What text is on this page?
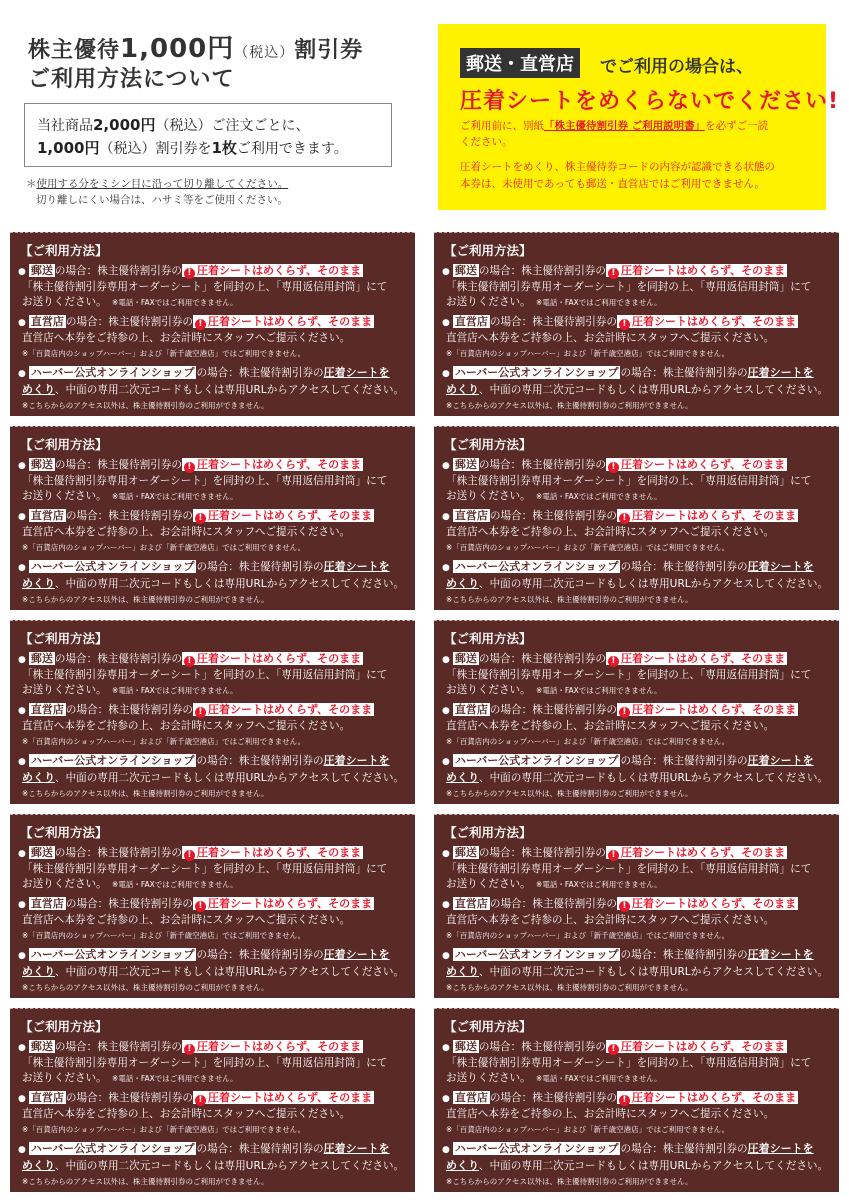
株主優待1,000円（税込）割引券
ご利用方法について
当社商品2,000円（税込）ご注文ごとに、
1,000円（税込）割引券を1枚ご利用できます。
＊使用する分をミシン目に沿って切り離してください。
切り離しにくい場合は、ハサミ等をご使用ください。
郵送・直営店	でご利用の場合は、
圧着シートをめくらないでください!
ご利用前に、別紙「株主優待割引券 ご利用説明書」を必ずご一読
ください。
圧着シートをめくり、株主優待券コードの内容が認識できる状態の
本券は、未使用であっても郵送・直営店ではご利用できません。
【ご利用方法】
● 郵送 の場合：株主優待割引券の ! 圧着シートはめくらず、そのまま
「株主優待割引券専用オーダーシート」を同封の上、「専用返信用封筒」にて
お送りください。　 ※電話・FAXではご利用できません。
● 直営店 の場合：株主優待割引券の ! 圧着シートはめくらず、そのまま
直営店へ本券をご持参の上、お会計時にスタッフへご提示ください。
※「百貨店内のショップハーバー」および「新千歳空港店」ではご利用できません。
● ハーバー公式オンラインショップ の場合：株主優待割引券の圧着シートを
めくり、中面の専用二次元コードもしくは専用URLからアクセスしてください。
※こちらからのアクセス以外は、株主優待割引券のご利用ができません。
【ご利用方法】
● 郵送 の場合：株主優待割引券の ! 圧着シートはめくらず、そのまま
「株主優待割引券専用オーダーシート」を同封の上、「専用返信用封筒」にて
お送りください。　 ※電話・FAXではご利用できません。
● 直営店 の場合：株主優待割引券の ! 圧着シートはめくらず、そのまま
直営店へ本券をご持参の上、お会計時にスタッフへご提示ください。
※「百貨店内のショップハーバー」および「新千歳空港店」ではご利用できません。
● ハーバー公式オンラインショップ の場合：株主優待割引券の圧着シートを
めくり、中面の専用二次元コードもしくは専用URLからアクセスしてください。
※こちらからのアクセス以外は、株主優待割引券のご利用ができません。
【ご利用方法】
● 郵送 の場合：株主優待割引券の ! 圧着シートはめくらず、そのまま
「株主優待割引券専用オーダーシート」を同封の上、「専用返信用封筒」にて
お送りください。　 ※電話・FAXではご利用できません。
● 直営店 の場合：株主優待割引券の ! 圧着シートはめくらず、そのまま
直営店へ本券をご持参の上、お会計時にスタッフへご提示ください。
※「百貨店内のショップハーバー」および「新千歳空港店」ではご利用できません。
● ハーバー公式オンラインショップ の場合：株主優待割引券の圧着シートを
めくり、中面の専用二次元コードもしくは専用URLからアクセスしてください。
※こちらからのアクセス以外は、株主優待割引券のご利用ができません。
【ご利用方法】
● 郵送 の場合：株主優待割引券の ! 圧着シートはめくらず、そのまま
「株主優待割引券専用オーダーシート」を同封の上、「専用返信用封筒」にて
お送りください。　 ※電話・FAXではご利用できません。
● 直営店 の場合：株主優待割引券の ! 圧着シートはめくらず、そのまま
直営店へ本券をご持参の上、お会計時にスタッフへご提示ください。
※「百貨店内のショップハーバー」および「新千歳空港店」ではご利用できません。
● ハーバー公式オンラインショップ の場合：株主優待割引券の圧着シートを
めくり、中面の専用二次元コードもしくは専用URLからアクセスしてください。
※こちらからのアクセス以外は、株主優待割引券のご利用ができません。
【ご利用方法】
● 郵送 の場合：株主優待割引券の ! 圧着シートはめくらず、そのまま
「株主優待割引券専用オーダーシート」を同封の上、「専用返信用封筒」にて
お送りください。　 ※電話・FAXではご利用できません。
● 直営店 の場合：株主優待割引券の ! 圧着シートはめくらず、そのまま
直営店へ本券をご持参の上、お会計時にスタッフへご提示ください。
※「百貨店内のショップハーバー」および「新千歳空港店」ではご利用できません。
● ハーバー公式オンラインショップ の場合：株主優待割引券の圧着シートを
めくり、中面の専用二次元コードもしくは専用URLからアクセスしてください。
※こちらからのアクセス以外は、株主優待割引券のご利用ができません。
【ご利用方法】
● 郵送 の場合：株主優待割引券の ! 圧着シートはめくらず、そのまま
「株主優待割引券専用オーダーシート」を同封の上、「専用返信用封筒」にて
お送りください。　 ※電話・FAXではご利用できません。
● 直営店 の場合：株主優待割引券の ! 圧着シートはめくらず、そのまま
直営店へ本券をご持参の上、お会計時にスタッフへご提示ください。
※「百貨店内のショップハーバー」および「新千歳空港店」ではご利用できません。
● ハーバー公式オンラインショップ の場合：株主優待割引券の圧着シートを
めくり、中面の専用二次元コードもしくは専用URLからアクセスしてください。
※こちらからのアクセス以外は、株主優待割引券のご利用ができません。
【ご利用方法】
● 郵送 の場合：株主優待割引券の ! 圧着シートはめくらず、そのまま
「株主優待割引券専用オーダーシート」を同封の上、「専用返信用封筒」にて
お送りください。　 ※電話・FAXではご利用できません。
● 直営店 の場合：株主優待割引券の ! 圧着シートはめくらず、そのまま
直営店へ本券をご持参の上、お会計時にスタッフへご提示ください。
※「百貨店内のショップハーバー」および「新千歳空港店」ではご利用できません。
● ハーバー公式オンラインショップ の場合：株主優待割引券の圧着シートを
めくり、中面の専用二次元コードもしくは専用URLからアクセスしてください。
※こちらからのアクセス以外は、株主優待割引券のご利用ができません。
【ご利用方法】
● 郵送 の場合：株主優待割引券の ! 圧着シートはめくらず、そのまま
「株主優待割引券専用オーダーシート」を同封の上、「専用返信用封筒」にて
お送りください。　 ※電話・FAXではご利用できません。
● 直営店 の場合：株主優待割引券の ! 圧着シートはめくらず、そのまま
直営店へ本券をご持参の上、お会計時にスタッフへご提示ください。
※「百貨店内のショップハーバー」および「新千歳空港店」ではご利用できません。
● ハーバー公式オンラインショップ の場合：株主優待割引券の圧着シートを
めくり、中面の専用二次元コードもしくは専用URLからアクセスしてください。
※こちらからのアクセス以外は、株主優待割引券のご利用ができません。
【ご利用方法】
● 郵送 の場合：株主優待割引券の ! 圧着シートはめくらず、そのまま
「株主優待割引券専用オーダーシート」を同封の上、「専用返信用封筒」にて
お送りください。　 ※電話・FAXではご利用できません。
● 直営店 の場合：株主優待割引券の ! 圧着シートはめくらず、そのまま
直営店へ本券をご持参の上、お会計時にスタッフへご提示ください。
※「百貨店内のショップハーバー」および「新千歳空港店」ではご利用できません。
● ハーバー公式オンラインショップ の場合：株主優待割引券の圧着シートを
めくり、中面の専用二次元コードもしくは専用URLからアクセスしてください。
※こちらからのアクセス以外は、株主優待割引券のご利用ができません。
【ご利用方法】
● 郵送 の場合：株主優待割引券の ! 圧着シートはめくらず、そのまま
「株主優待割引券専用オーダーシート」を同封の上、「専用返信用封筒」にて
お送りください。　 ※電話・FAXではご利用できません。
● 直営店 の場合：株主優待割引券の ! 圧着シートはめくらず、そのまま
直営店へ本券をご持参の上、お会計時にスタッフへご提示ください。
※「百貨店内のショップハーバー」および「新千歳空港店」ではご利用できません。
● ハーバー公式オンラインショップ の場合：株主優待割引券の圧着シートを
めくり、中面の専用二次元コードもしくは専用URLからアクセスしてください。
※こちらからのアクセス以外は、株主優待割引券のご利用ができません。
